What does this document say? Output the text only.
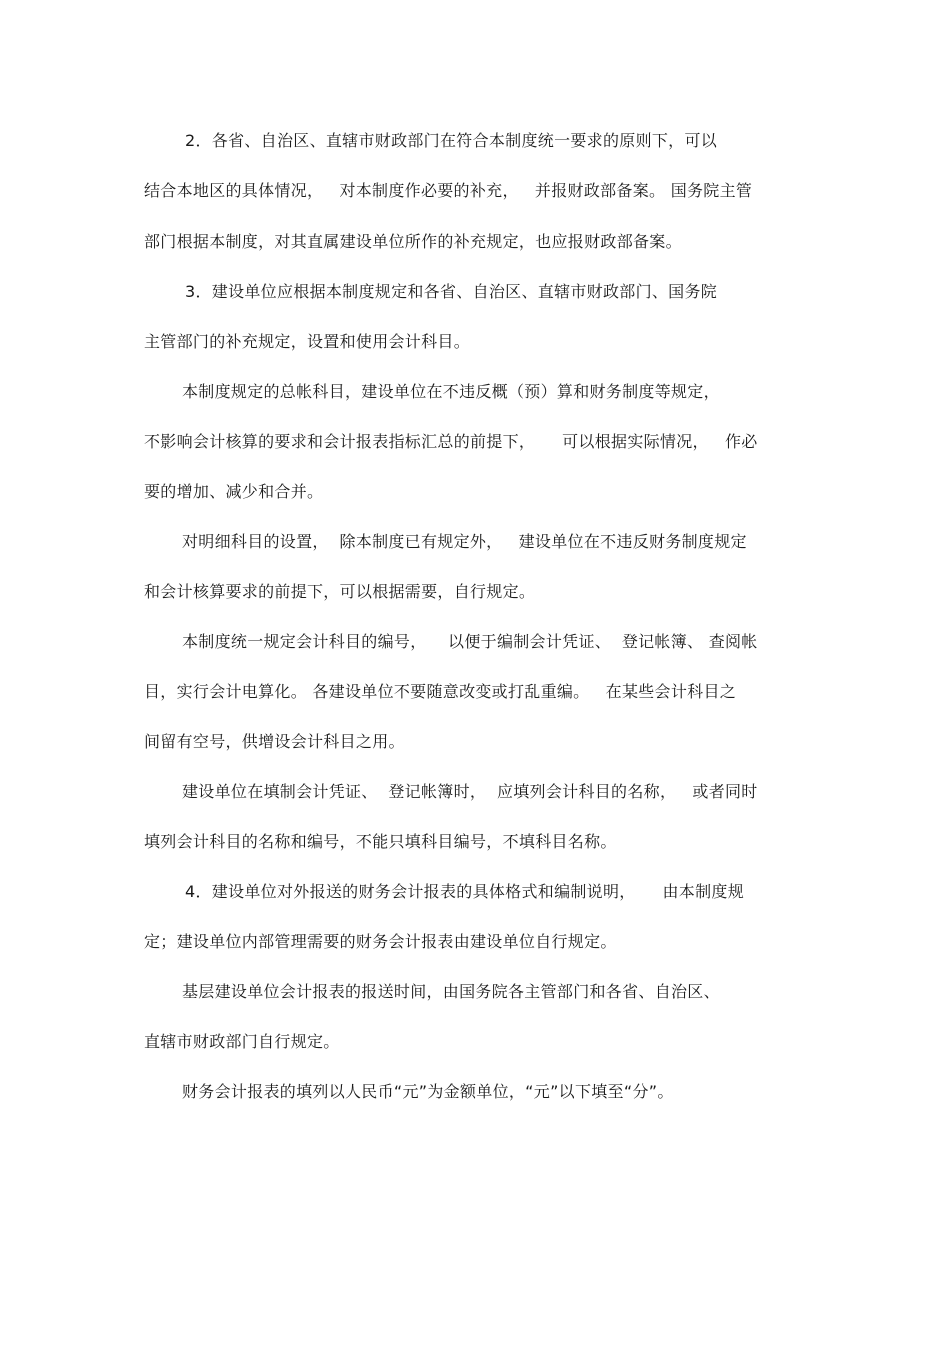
2．各省、自治区、直辖市财政部门在符合本制度统一要求的原则下，可以
结合本地区的具体情况，   对本制度作必要的补充，   并报财政部备案。 国务院主管
部门根据本制度，对其直属建设单位所作的补充规定，也应报财政部备案。
3．建设单位应根据本制度规定和各省、自治区、直辖市财政部门、国务院
主管部门的补充规定，设置和使用会计科目。
本制度规定的总帐科目，建设单位在不违反概（预）算和财务制度等规定，
不影响会计核算的要求和会计报表指标汇总的前提下，     可以根据实际情况，   作必
要的增加、减少和合并。
对明细科目的设置，  除本制度已有规定外，   建设单位在不违反财务制度规定
和会计核算要求的前提下，可以根据需要，自行规定。
本制度统一规定会计科目的编号，    以便于编制会计凭证、  登记帐簿、 查阅帐
目，实行会计电算化。 各建设单位不要随意改变或打乱重编。   在某些会计科目之
间留有空号，供增设会计科目之用。
建设单位在填制会计凭证、  登记帐簿时，  应填列会计科目的名称，   或者同时
填列会计科目的名称和编号，不能只填科目编号，不填科目名称。
4．建设单位对外报送的财务会计报表的具体格式和编制说明，     由本制度规
定；建设单位内部管理需要的财务会计报表由建设单位自行规定。
基层建设单位会计报表的报送时间，由国务院各主管部门和各省、自治区、
直辖市财政部门自行规定。
财务会计报表的填列以人民币“元”为金额单位，“元”以下填至“分”。
